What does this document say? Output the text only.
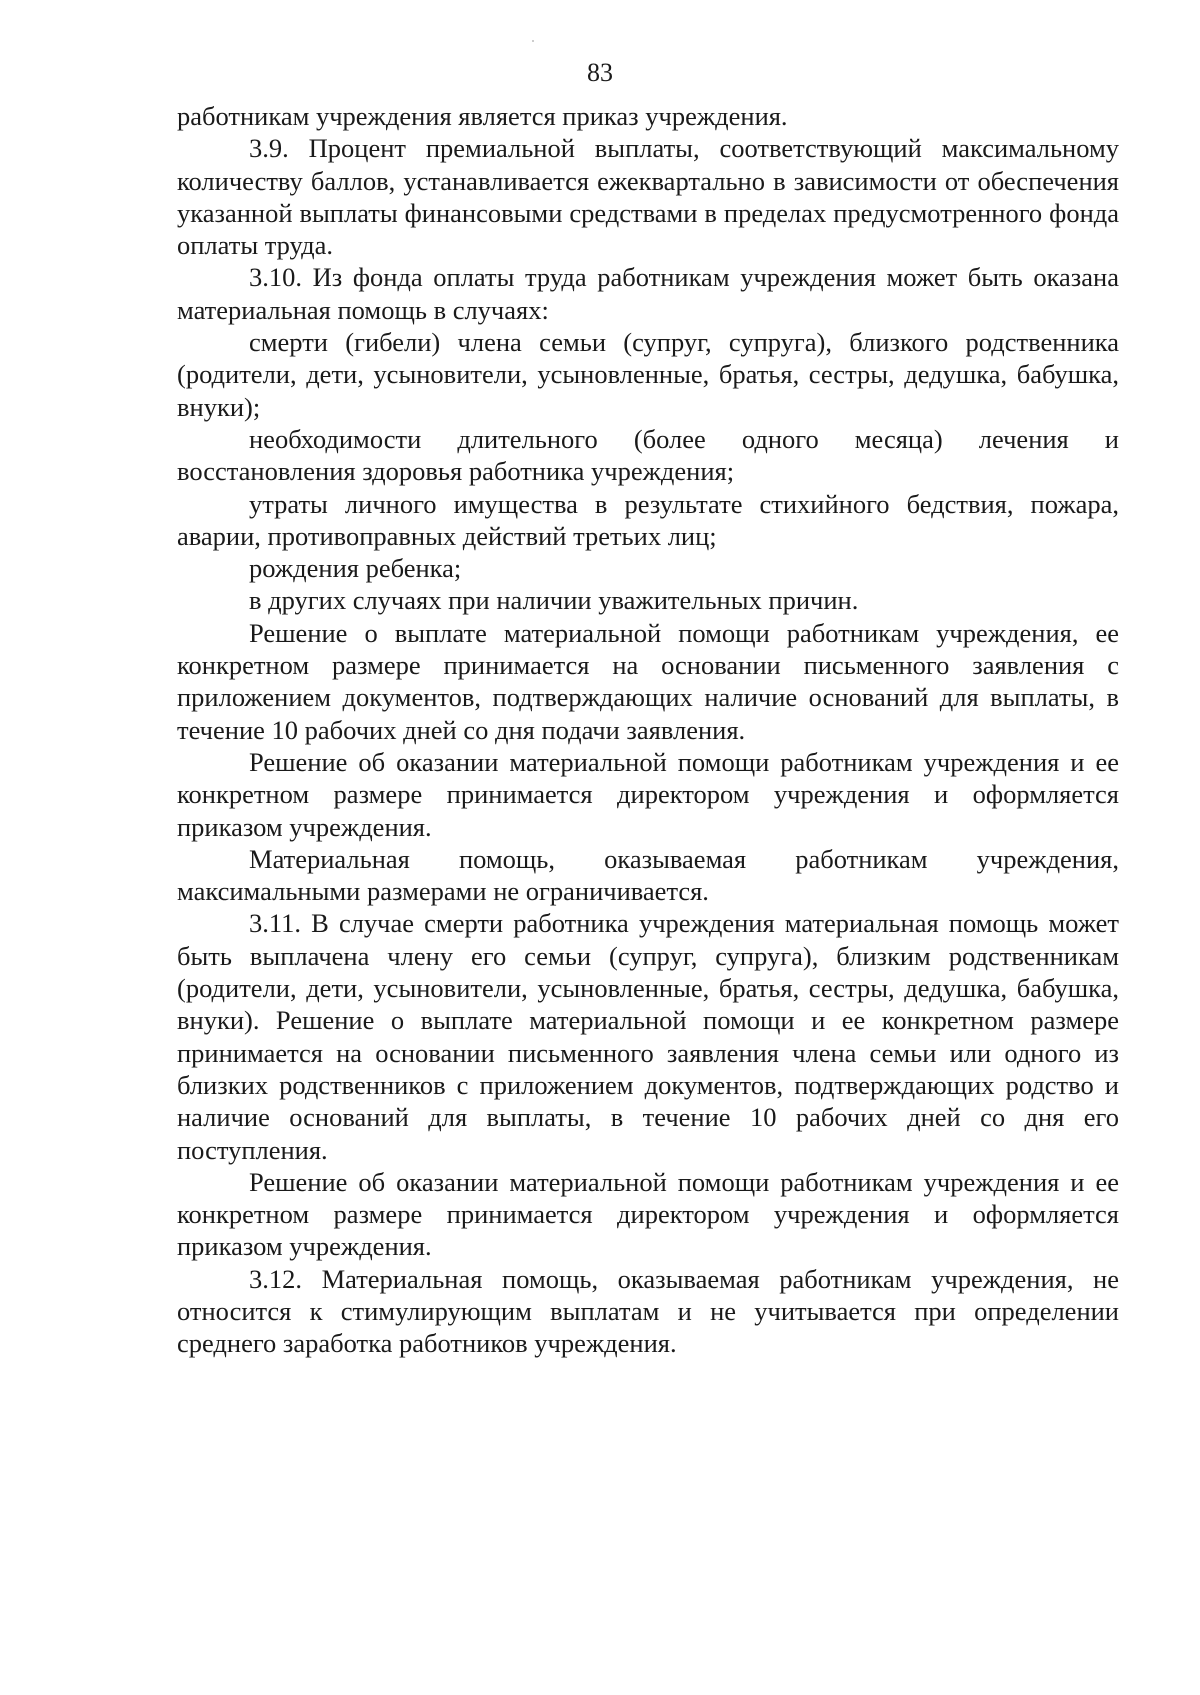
83

работникам учреждения является приказ учреждения.

3.9. Процент премиальной выплаты, соответствующий максимальному количеству баллов, устанавливается ежеквартально в зависимости от обеспечения указанной выплаты финансовыми средствами в пределах предусмотренного фонда оплаты труда.

3.10. Из фонда оплаты труда работникам учреждения может быть оказана материальная помощь в случаях:

смерти (гибели) члена семьи (супруг, супруга), близкого родственника (родители, дети, усыновители, усыновленные, братья, сестры, дедушка, бабушка, внуки);

необходимости длительного (более одного месяца) лечения и восстановления здоровья работника учреждения;

утраты личного имущества в результате стихийного бедствия, пожара, аварии, противоправных действий третьих лиц;

рождения ребенка;

в других случаях при наличии уважительных причин.

Решение о выплате материальной помощи работникам учреждения, ее конкретном размере принимается на основании письменного заявления с приложением документов, подтверждающих наличие оснований для выплаты, в течение 10 рабочих дней со дня подачи заявления.

Решение об оказании материальной помощи работникам учреждения и ее конкретном размере принимается директором учреждения и оформляется приказом учреждения.

Материальная помощь, оказываемая работникам учреждения, максимальными размерами не ограничивается.

3.11. В случае смерти работника учреждения материальная помощь может быть выплачена члену его семьи (супруг, супруга), близким родственникам (родители, дети, усыновители, усыновленные, братья, сестры, дедушка, бабушка, внуки). Решение о выплате материальной помощи и ее конкретном размере принимается на основании письменного заявления члена семьи или одного из близких родственников с приложением документов, подтверждающих родство и наличие оснований для выплаты, в течение 10 рабочих дней со дня его поступления.

Решение об оказании материальной помощи работникам учреждения и ее конкретном размере принимается директором учреждения и оформляется приказом учреждения.

3.12. Материальная помощь, оказываемая работникам учреждения, не относится к стимулирующим выплатам и не учитывается при определении среднего заработка работников учреждения.
